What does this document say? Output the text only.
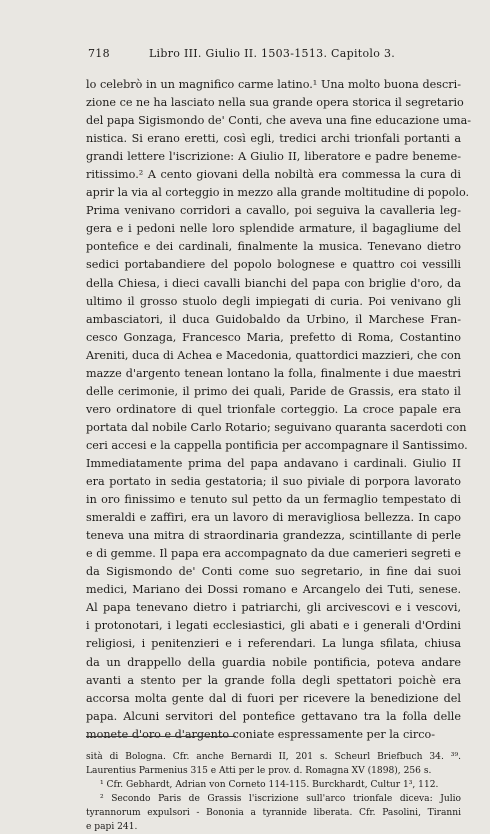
718	Libro III. Giulio II. 1503-1513. Capitolo 3.
lo celebrò in un magnifico carme latino.¹ Una molto buona descri-
zione ce ne ha lasciato nella sua grande opera storica il segretario
del papa Sigismondo de' Conti, che aveva una fine educazione uma-
nistica. Si erano eretti, così egli, tredici archi trionfali portanti a
grandi lettere l'iscrizione: A Giulio II, liberatore e padre beneme-
ritissimo.² A cento giovani della nobiltà era commessa la cura di
aprir la via al corteggio in mezzo alla grande moltitudine di popolo.
Prima venivano corridori a cavallo, poi seguiva la cavalleria leg-
gera e i pedoni nelle loro splendide armature, il bagagliume del
pontefice e dei cardinali, finalmente la musica. Tenevano dietro
sedici portabandiere del popolo bolognese e quattro coi vessilli
della Chiesa, i dieci cavalli bianchi del papa con briglie d'oro, da
ultimo il grosso stuolo degli impiegati di curia. Poi venivano gli
ambasciatori, il duca Guidobaldo da Urbino, il Marchese Fran-
cesco Gonzaga, Francesco Maria, prefetto di Roma, Costantino
Areniti, duca di Achea e Macedonia, quattordici mazzieri, che con
mazze d'argento tenean lontano la folla, finalmente i due maestri
delle cerimonie, il primo dei quali, Paride de Grassis, era stato il
vero ordinatore di quel trionfale corteggio. La croce papale era
portata dal nobile Carlo Rotario; seguivano quaranta sacerdoti con
ceri accesi e la cappella pontificia per accompagnare il Santissimo.
Immediatamente prima del papa andavano i cardinali. Giulio II
era portato in sedia gestatoria; il suo piviale di porpora lavorato
in oro finissimo e tenuto sul petto da un fermaglio tempestato di
smeraldi e zaffiri, era un lavoro di meravigliosa bellezza. In capo
teneva una mitra di straordinaria grandezza, scintillante di perle
e di gemme. Il papa era accompagnato da due camerieri segreti e
da Sigismondo de' Conti come suo segretario, in fine dai suoi
medici, Mariano dei Dossi romano e Arcangelo dei Tuti, senese.
Al papa tenevano dietro i patriarchi, gli arcivescovi e i vescovi,
i protonotari, i legati ecclesiastici, gli abati e i generali d'Ordini
religiosi, i penitenzieri e i referendari. La lunga sfilata, chiusa
da un drappello della guardia nobile pontificia, poteva andare
avanti a stento per la grande folla degli spettatori poichè era
accorsa molta gente dal di fuori per ricevere la benedizione del
papa. Alcuni servitori del pontefice gettavano tra la folla delle
monete d'oro e d'argento coniate espressamente per la circo-
sità di Bologna. Cfr. anche Bernardi II, 201 s. Scheurl Briefbuch 34. ³⁹.
Laurentius Parmenius 315 e Atti per le prov. d. Romagna XV (1898), 256 s.
¹ Cfr. Gebhardt, Adrian von Corneto 114-115. Burckhardt, Cultur 1³, 112.
² Secondo Paris de Grassis l'iscrizione sull'arco trionfale diceva: Julio
tyrannorum expulsori - Bononia a tyrannide liberata. Cfr. Pasolini, Tiranni
e papi 241.
